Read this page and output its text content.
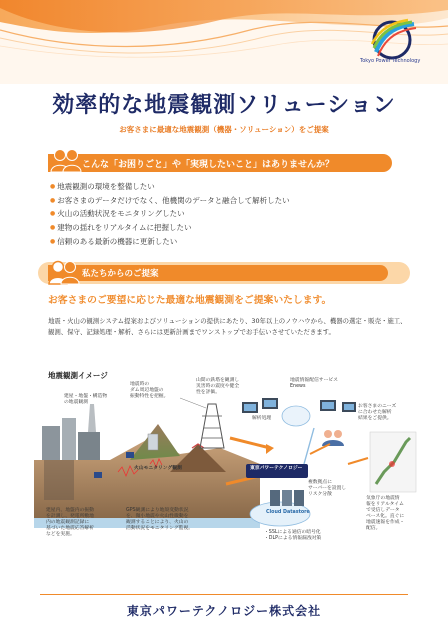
Tokyo Power Technology
効率的な地震観測ソリューション
お客さまに最適な地震観測（機器・ソリューション）をご提案
こんな「お困りごと」や「実現したいこと」はありませんか？
● 地震観測の環境を整備したい
● お客さまのデータだけでなく、他機関のデータと融合して解析したい
● 火山の活動状況をモニタリングしたい
● 建物の揺れをリアルタイムに把握したい
● 信頼のある最新の機器に更新したい
私たちからのご提案
お客さまのご要望に応じた最適な地震観測をご提案いたします。

地震・火山の観測システム提案およびソリューションの提供にあたり、30年以上のノウハウから、機器の選定・販売・施工、観測、保守、記録処理・解析、さらには更新計画までワンストップでお手伝いさせていただきます。

地震観測イメージ
建屋・地盤・構造物
の地震観測
地震時の
ダム周辺地盤の
振動特性を把握。
山間の鉄塔を観測し
災害時の震度や健全
性を評価。
地震情報配信サービス
Enews
解析処理
お客さまのニーズ
に合わせた解析
結果をご提供。
火山モニタリング観測	東京パワーテクノロジー
複数拠点に
サーバーを設置し
リスク分散
Cloud Datastore
建屋内、地盤内の振動
を計測し、発電所敷地
内の地震観測記録に
基づいた地震応答解析
などを実施。
GPS観測により地殻変動状況
を、微小地震や火山性微動を
観測することにより、火山の
活動状況をモニタリング監視。
・SSLによる通信の暗号化
・DLPによる情報漏洩対策
気象庁の地震情
報をリアルタイム
で受信しデータ
ベース化。直ぐに
地震速報を作成・
配信。
東京パワーテクノロジー株式会社
